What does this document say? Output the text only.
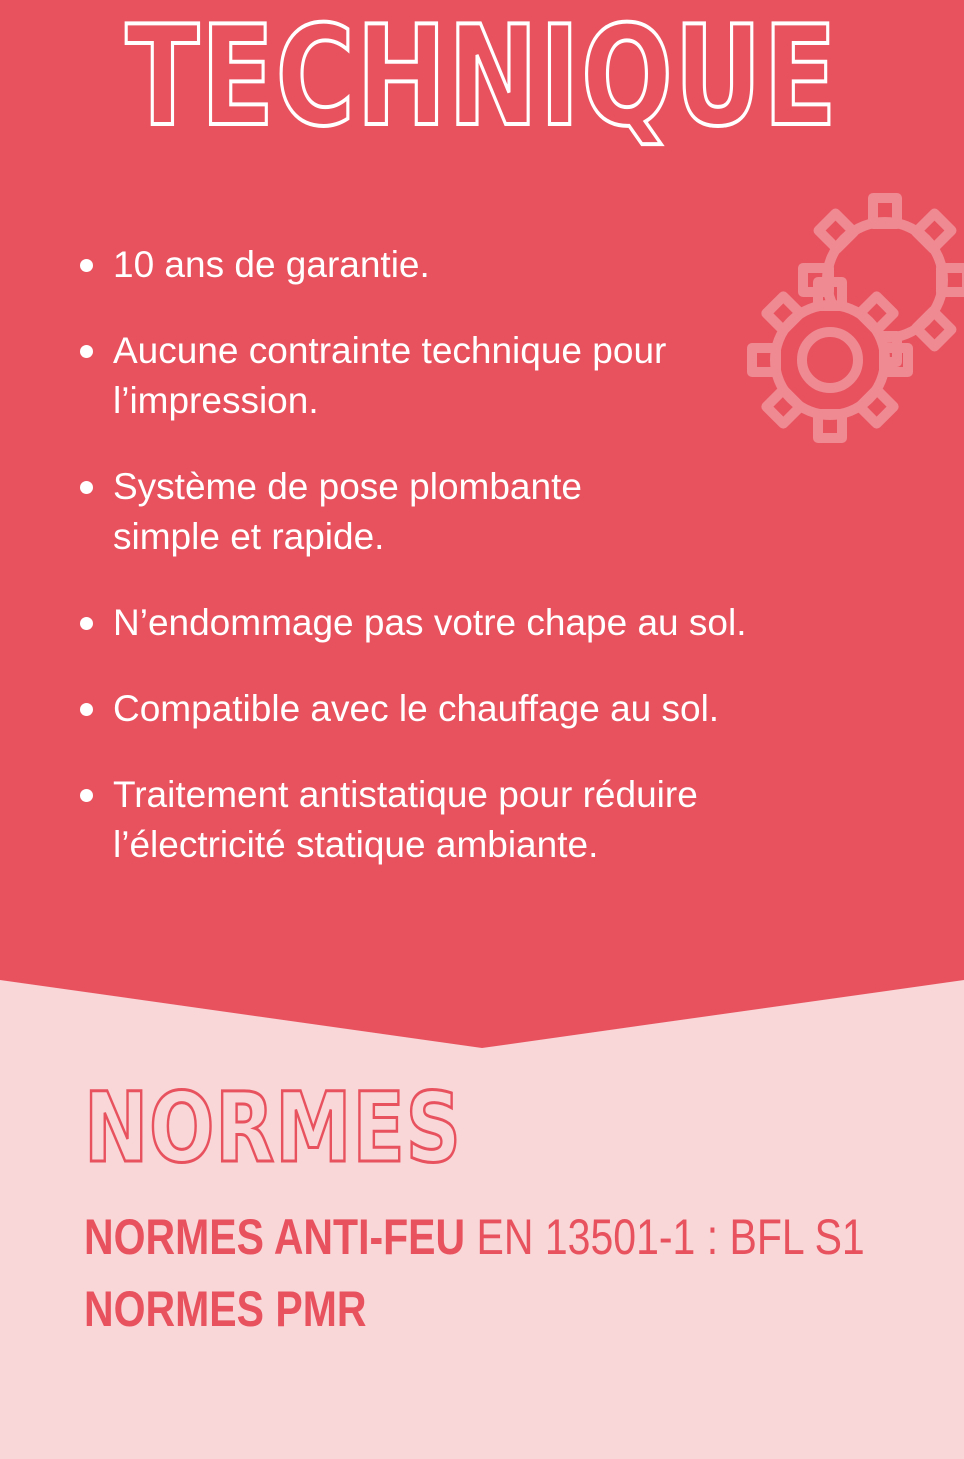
TECHNIQUE
10 ans de garantie.
Aucune contrainte technique pour
l’impression.
Système de pose plombante
simple et rapide.
N’endommage pas votre chape au sol.
Compatible avec le chauffage au sol.
Traitement antistatique pour réduire
l’électricité statique ambiante.
NORMES
NORMES ANTI-FEU EN 13501-1 : BFL S1
NORMES PMR
